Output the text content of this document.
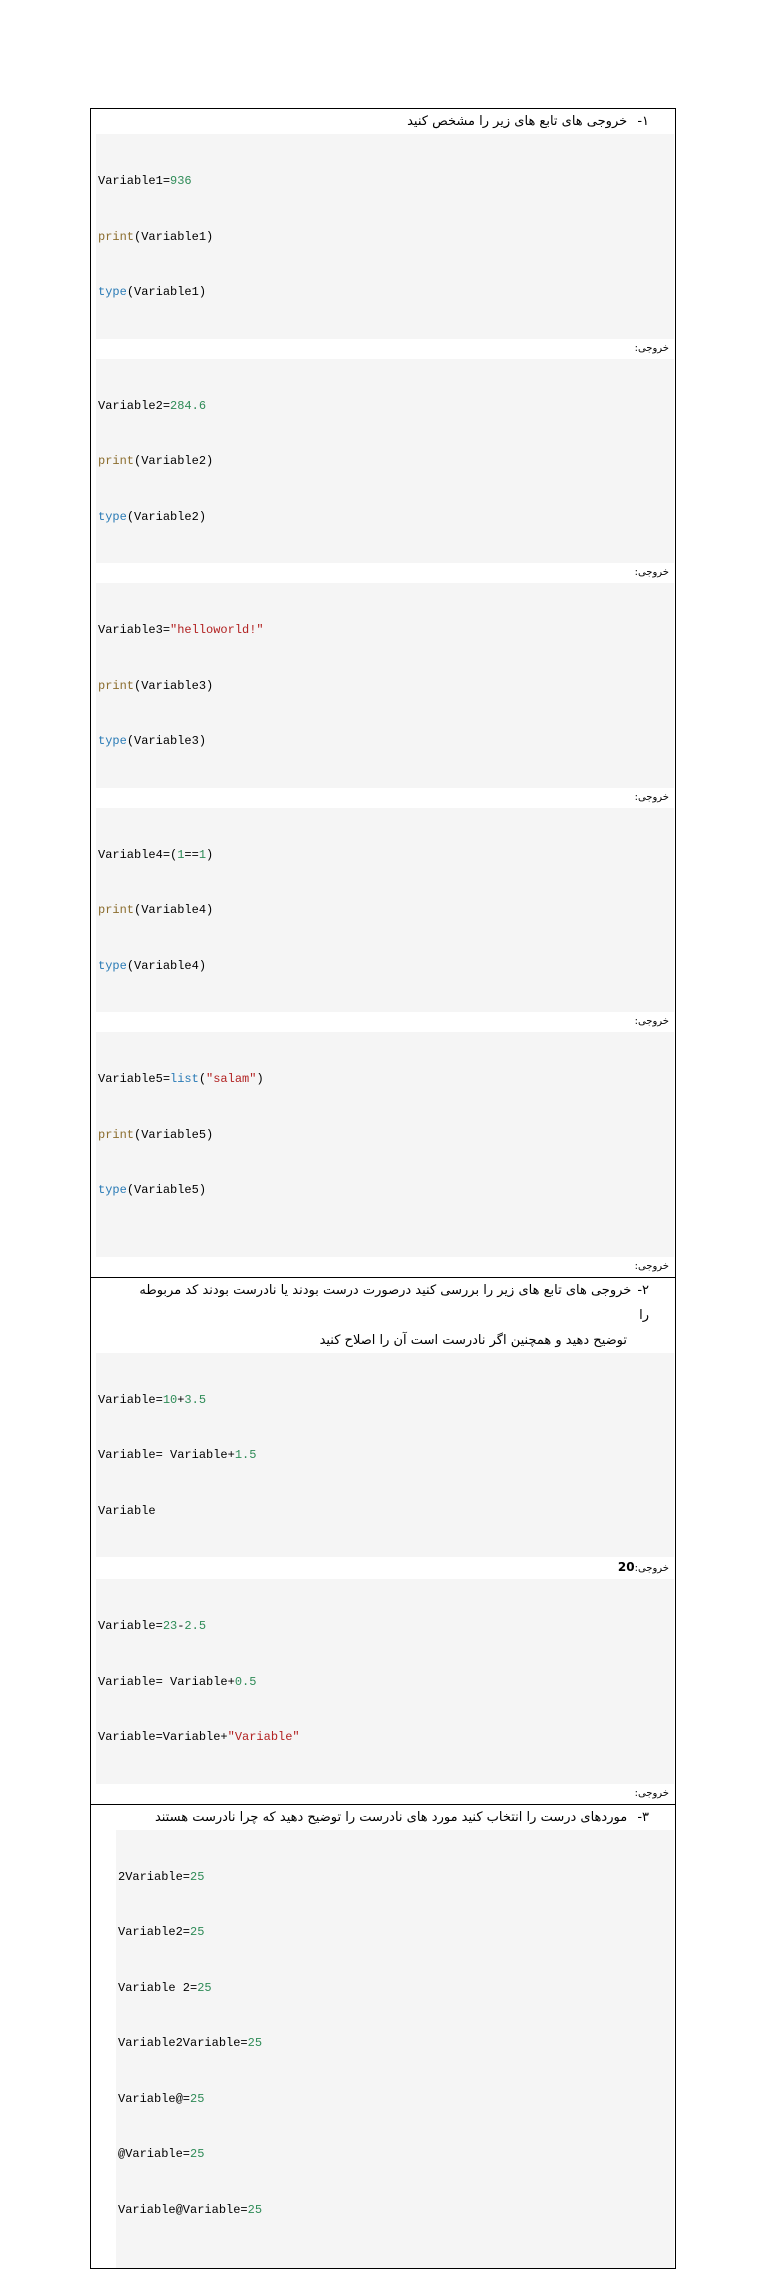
۱- خروجی های تابع های زیر را مشخص کنید

Variable1=936

print(Variable1)

type(Variable1)

خروجی:

Variable2=284.6

print(Variable2)

type(Variable2)

خروجی:

Variable3="helloworld!"

print(Variable3)

type(Variable3)

خروجی:

Variable4=(1==1)

print(Variable4)

type(Variable4)

خروجی:

Variable5=list("salam")

print(Variable5)

type(Variable5)

خروجی:
۲-خروجی های تابع های زیر را بررسی کنید درصورت درست بودند یا نادرست بودند کد مربوطه را
توضیح دهید و همچنین اگر نادرست است آن را اصلاح کنید

Variable=10+3.5

Variable= Variable+1.5

Variable

خروجی:20

Variable=23-2.5

Variable= Variable+0.5

Variable=Variable+"Variable"

خروجی:
۳- موردهای درست را انتخاب کنید مورد های نادرست را توضیح دهید که چرا نادرست هستند

2Variable=25

Variable2=25

Variable 2=25

Variable2Variable=25

Variable@=25

@Variable=25

Variable@Variable=25
